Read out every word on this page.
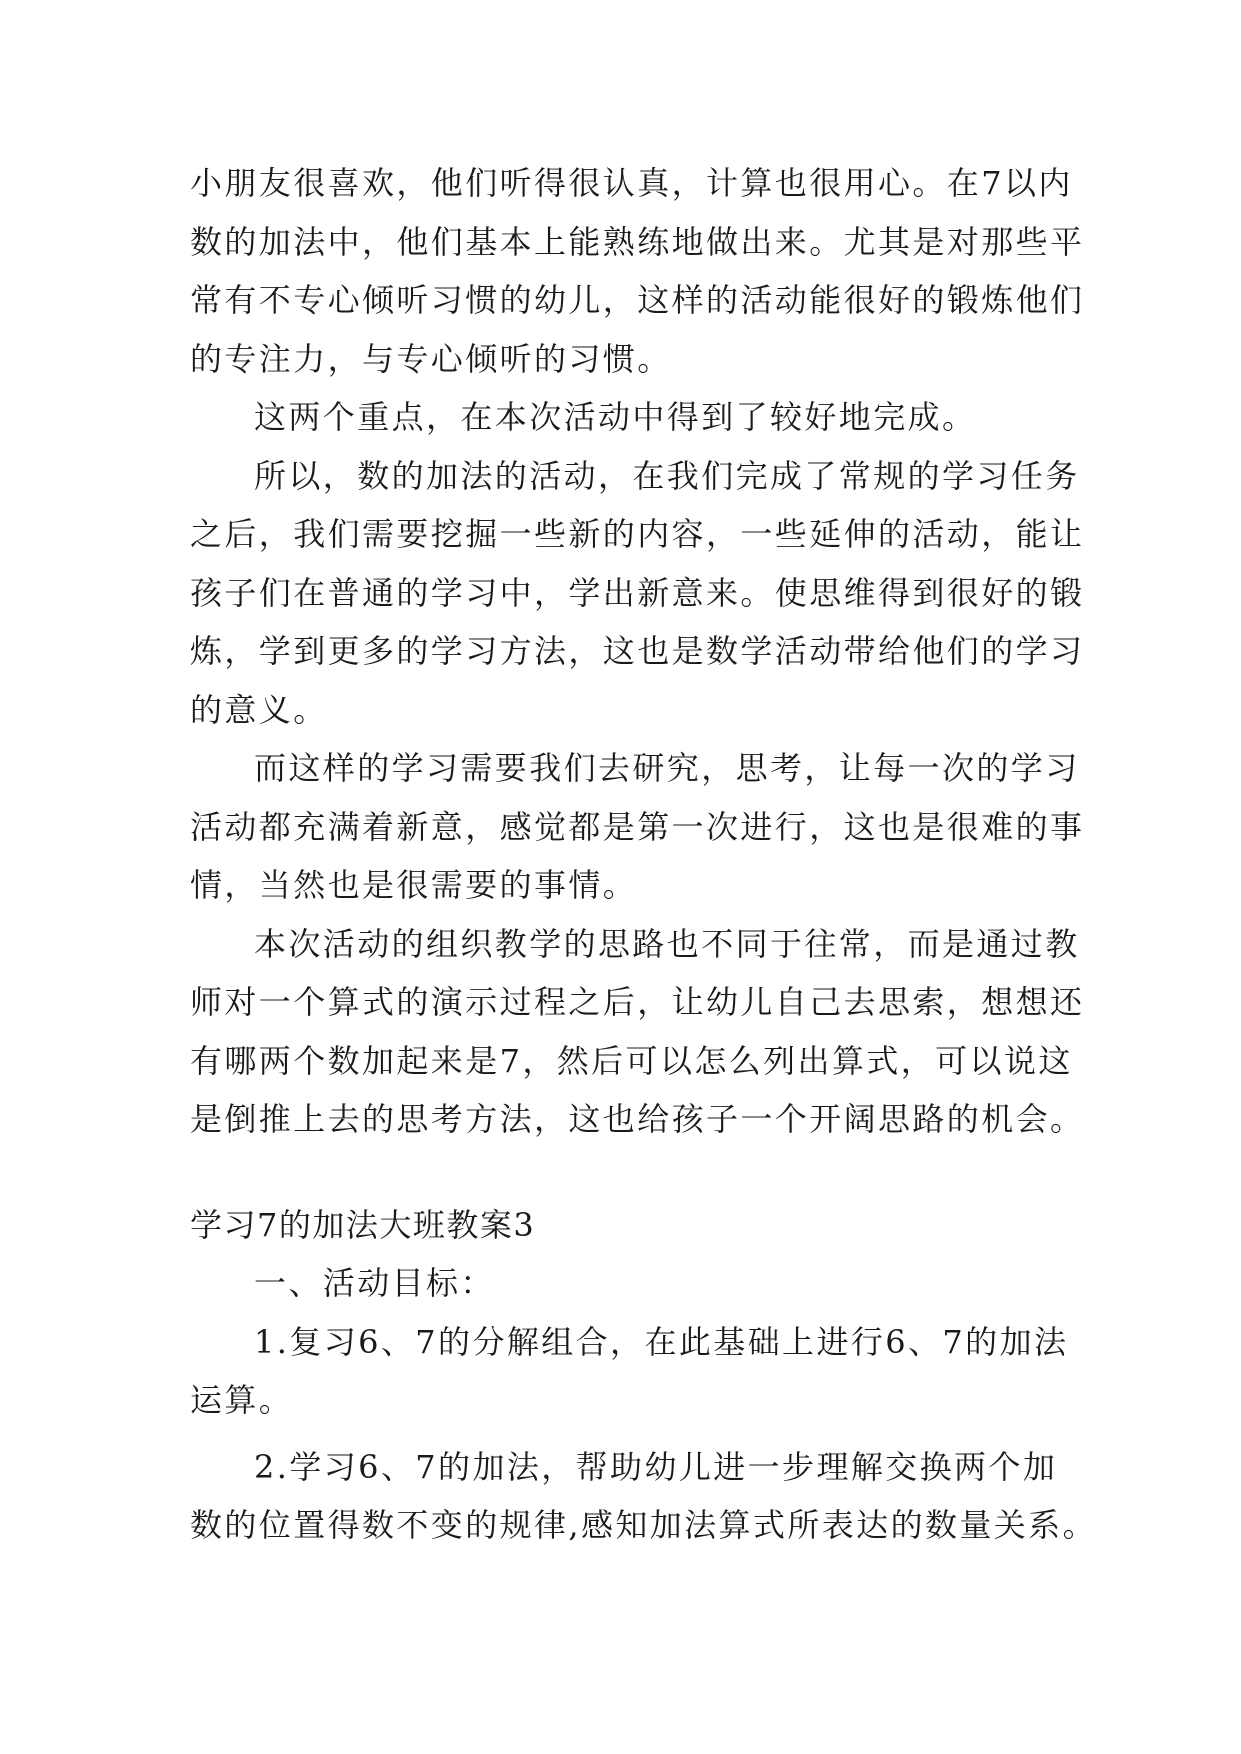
小朋友很喜欢，他们听得很认真，计算也很用心。在7以内
数的加法中，他们基本上能熟练地做出来。尤其是对那些平
常有不专心倾听习惯的幼儿，这样的活动能很好的锻炼他们
的专注力，与专心倾听的习惯。
这两个重点，在本次活动中得到了较好地完成。
所以，数的加法的活动，在我们完成了常规的学习任务
之后，我们需要挖掘一些新的内容，一些延伸的活动，能让
孩子们在普通的学习中，学出新意来。使思维得到很好的锻
炼，学到更多的学习方法，这也是数学活动带给他们的学习
的意义。
而这样的学习需要我们去研究，思考，让每一次的学习
活动都充满着新意，感觉都是第一次进行，这也是很难的事
情，当然也是很需要的事情。
本次活动的组织教学的思路也不同于往常，而是通过教
师对一个算式的演示过程之后，让幼儿自己去思索，想想还
有哪两个数加起来是7，然后可以怎么列出算式，可以说这
是倒推上去的思考方法，这也给孩子一个开阔思路的机会。
学习7的加法大班教案3
一、活动目标：
1.复习6、7的分解组合，在此基础上进行6、7的加法
运算。
2.学习6、7的加法，帮助幼儿进一步理解交换两个加
数的位置得数不变的规律,感知加法算式所表达的数量关系。
